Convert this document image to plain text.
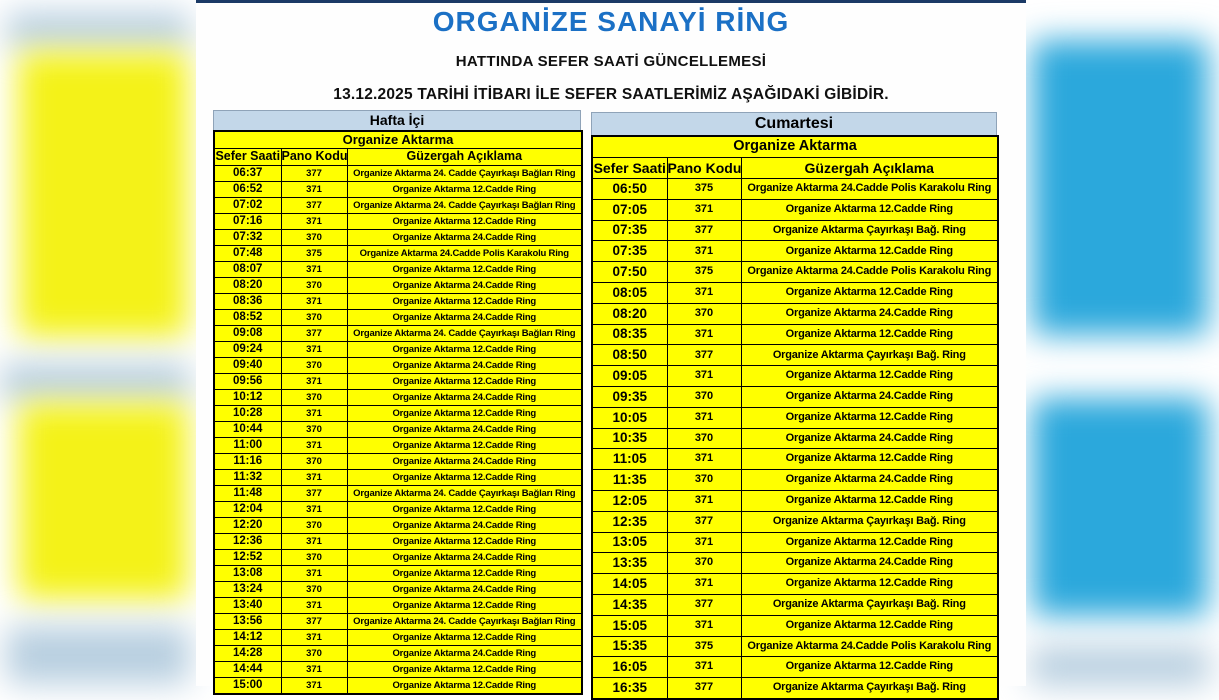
ORGANİZE SANAYİ RİNG
HATTINDA SEFER SAATİ GÜNCELLEMESİ
13.12.2025 TARİHİ İTİBARI İLE SEFER SAATLERİMİZ AŞAĞIDAKİ GİBİDİR.
Hafta İçi
Organize Aktarma		
Sefer Saati	Pano Kodu	Güzergah Açıklama
06:37	377	Organize Aktarma 24. Cadde Çayırkaşı Bağları Ring
06:52	371	Organize Aktarma 12.Cadde Ring
07:02	377	Organize Aktarma 24. Cadde Çayırkaşı Bağları Ring
07:16	371	Organize Aktarma 12.Cadde Ring
07:32	370	Organize Aktarma 24.Cadde Ring
07:48	375	Organize Aktarma 24.Cadde Polis Karakolu Ring
08:07	371	Organize Aktarma 12.Cadde Ring
08:20	370	Organize Aktarma 24.Cadde Ring
08:36	371	Organize Aktarma 12.Cadde Ring
08:52	370	Organize Aktarma 24.Cadde Ring
09:08	377	Organize Aktarma 24. Cadde Çayırkaşı Bağları Ring
09:24	371	Organize Aktarma 12.Cadde Ring
09:40	370	Organize Aktarma 24.Cadde Ring
09:56	371	Organize Aktarma 12.Cadde Ring
10:12	370	Organize Aktarma 24.Cadde Ring
10:28	371	Organize Aktarma 12.Cadde Ring
10:44	370	Organize Aktarma 24.Cadde Ring
11:00	371	Organize Aktarma 12.Cadde Ring
11:16	370	Organize Aktarma 24.Cadde Ring
11:32	371	Organize Aktarma 12.Cadde Ring
11:48	377	Organize Aktarma 24. Cadde Çayırkaşı Bağları Ring
12:04	371	Organize Aktarma 12.Cadde Ring
12:20	370	Organize Aktarma 24.Cadde Ring
12:36	371	Organize Aktarma 12.Cadde Ring
12:52	370	Organize Aktarma 24.Cadde Ring
13:08	371	Organize Aktarma 12.Cadde Ring
13:24	370	Organize Aktarma 24.Cadde Ring
13:40	371	Organize Aktarma 12.Cadde Ring
13:56	377	Organize Aktarma 24. Cadde Çayırkaşı Bağları Ring
14:12	371	Organize Aktarma 12.Cadde Ring
14:28	370	Organize Aktarma 24.Cadde Ring
14:44	371	Organize Aktarma 12.Cadde Ring
15:00	371	Organize Aktarma 12.Cadde Ring
Cumartesi
Organize Aktarma		
Sefer Saati	Pano Kodu	Güzergah Açıklama
06:50	375	Organize Aktarma 24.Cadde Polis Karakolu Ring
07:05	371	Organize Aktarma 12.Cadde Ring
07:35	377	Organize Aktarma Çayırkaşı Bağ. Ring
07:35	371	Organize Aktarma 12.Cadde Ring
07:50	375	Organize Aktarma 24.Cadde Polis Karakolu Ring
08:05	371	Organize Aktarma 12.Cadde Ring
08:20	370	Organize Aktarma 24.Cadde Ring
08:35	371	Organize Aktarma 12.Cadde Ring
08:50	377	Organize Aktarma Çayırkaşı Bağ. Ring
09:05	371	Organize Aktarma 12.Cadde Ring
09:35	370	Organize Aktarma 24.Cadde Ring
10:05	371	Organize Aktarma 12.Cadde Ring
10:35	370	Organize Aktarma 24.Cadde Ring
11:05	371	Organize Aktarma 12.Cadde Ring
11:35	370	Organize Aktarma 24.Cadde Ring
12:05	371	Organize Aktarma 12.Cadde Ring
12:35	377	Organize Aktarma Çayırkaşı Bağ. Ring
13:05	371	Organize Aktarma 12.Cadde Ring
13:35	370	Organize Aktarma 24.Cadde Ring
14:05	371	Organize Aktarma 12.Cadde Ring
14:35	377	Organize Aktarma Çayırkaşı Bağ. Ring
15:05	371	Organize Aktarma 12.Cadde Ring
15:35	375	Organize Aktarma 24.Cadde Polis Karakolu Ring
16:05	371	Organize Aktarma 12.Cadde Ring
16:35	377	Organize Aktarma Çayırkaşı Bağ. Ring
